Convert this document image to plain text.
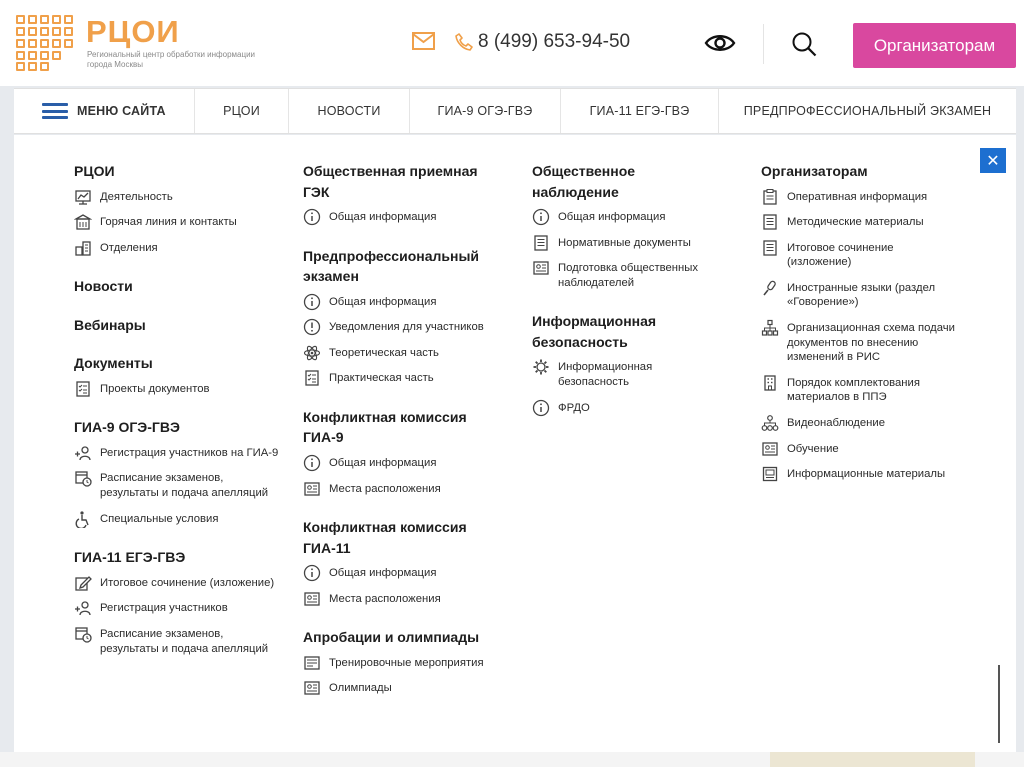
РЦОИ
Региональный центр обработки информации города Москвы
8 (499) 653-94-50	Организаторам
МЕНЮ САЙТА	РЦОИ	НОВОСТИ	ГИА-9 ОГЭ-ГВЭ	ГИА-11 ЕГЭ-ГВЭ	ПРЕДПРОФЕССИОНАЛЬНЫЙ ЭКЗАМЕН
✕
РЦОИ
Деятельность
Горячая линия и контакты
Отделения
Новости
Вебинары
Документы
Проекты документов
ГИА-9 ОГЭ-ГВЭ
Регистрация участников на ГИА-9
Расписание экзаменов, результаты и подача апелляций
Специальные условия
ГИА-11 ЕГЭ-ГВЭ
Итоговое сочинение (изложение)
Регистрация участников
Расписание экзаменов, результаты и подача апелляций
Общественная приемная ГЭК
Общая информация
Предпрофессиональный экзамен
Общая информация
Уведомления для участников
Теоретическая часть
Практическая часть
Конфликтная комиссия ГИА-9
Общая информация
Места расположения
Конфликтная комиссия ГИА-11
Общая информация
Места расположения
Апробации и олимпиады
Тренировочные мероприятия
Олимпиады
Общественное наблюдение
Общая информация
Нормативные документы
Подготовка общественных наблюдателей
Информационная безопасность
Информационная безопасность
ФРДО
Организаторам
Оперативная информация
Методические материалы
Итоговое сочинение (изложение)
Иностранные языки (раздел «Говорение»)
Организационная схема подачи документов по внесению изменений в РИС
Порядок комплектования материалов в ППЭ
Видеонаблюдение
Обучение
Информационные материалы
